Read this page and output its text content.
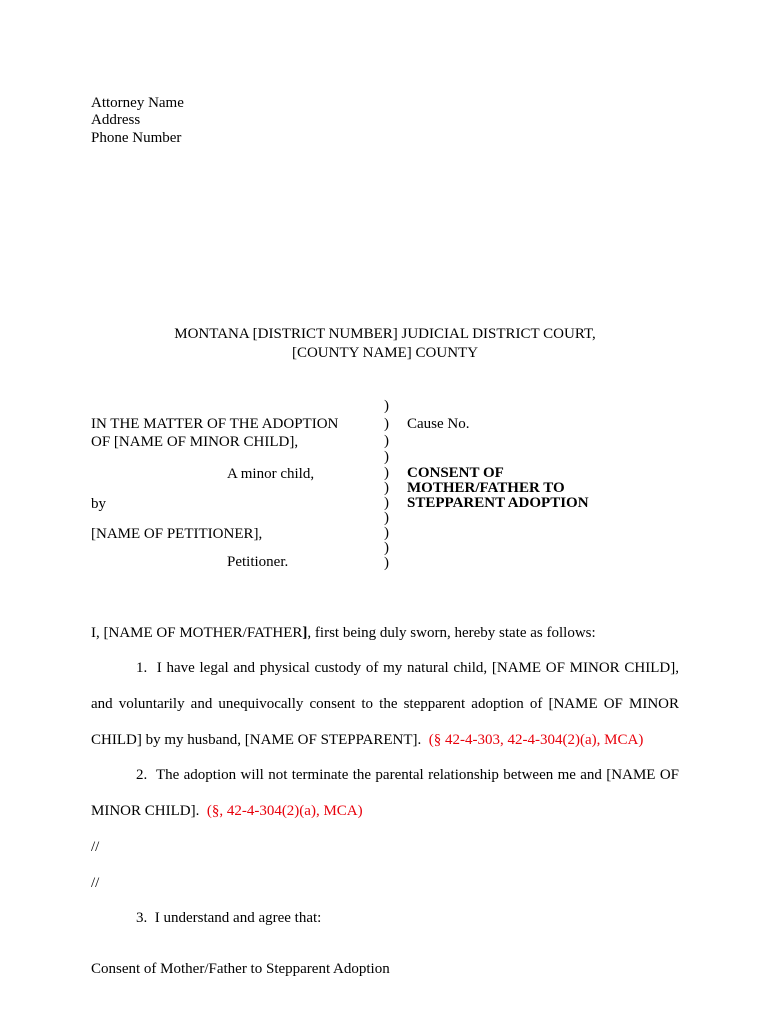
Attorney Name
Address
Phone Number
MONTANA [DISTRICT NUMBER] JUDICIAL DISTRICT COURT,
[COUNTY NAME] COUNTY
IN THE MATTER OF THE ADOPTION
OF [NAME OF MINOR CHILD],
A minor child,
by
[NAME OF PETITIONER],
Petitioner.
)
)
)
)
)
)
)
)
)
)
)
Cause No.
CONSENT OF
MOTHER/FATHER TO
STEPPARENT ADOPTION
I, [NAME OF MOTHER/FATHER], first being duly sworn, hereby state as follows:
1.  I have legal and physical custody of my natural child, [NAME OF MINOR CHILD],
and voluntarily and unequivocally consent to the stepparent adoption of [NAME OF MINOR
CHILD] by my husband, [NAME OF STEPPARENT]. (§ 42-4-303, 42-4-304(2)(a), MCA)
2.  The adoption will not terminate the parental relationship between me and [NAME OF
MINOR CHILD]. (§, 42-4-304(2)(a), MCA)
//
//
3.  I understand and agree that:
Consent of Mother/Father to Stepparent Adoption
